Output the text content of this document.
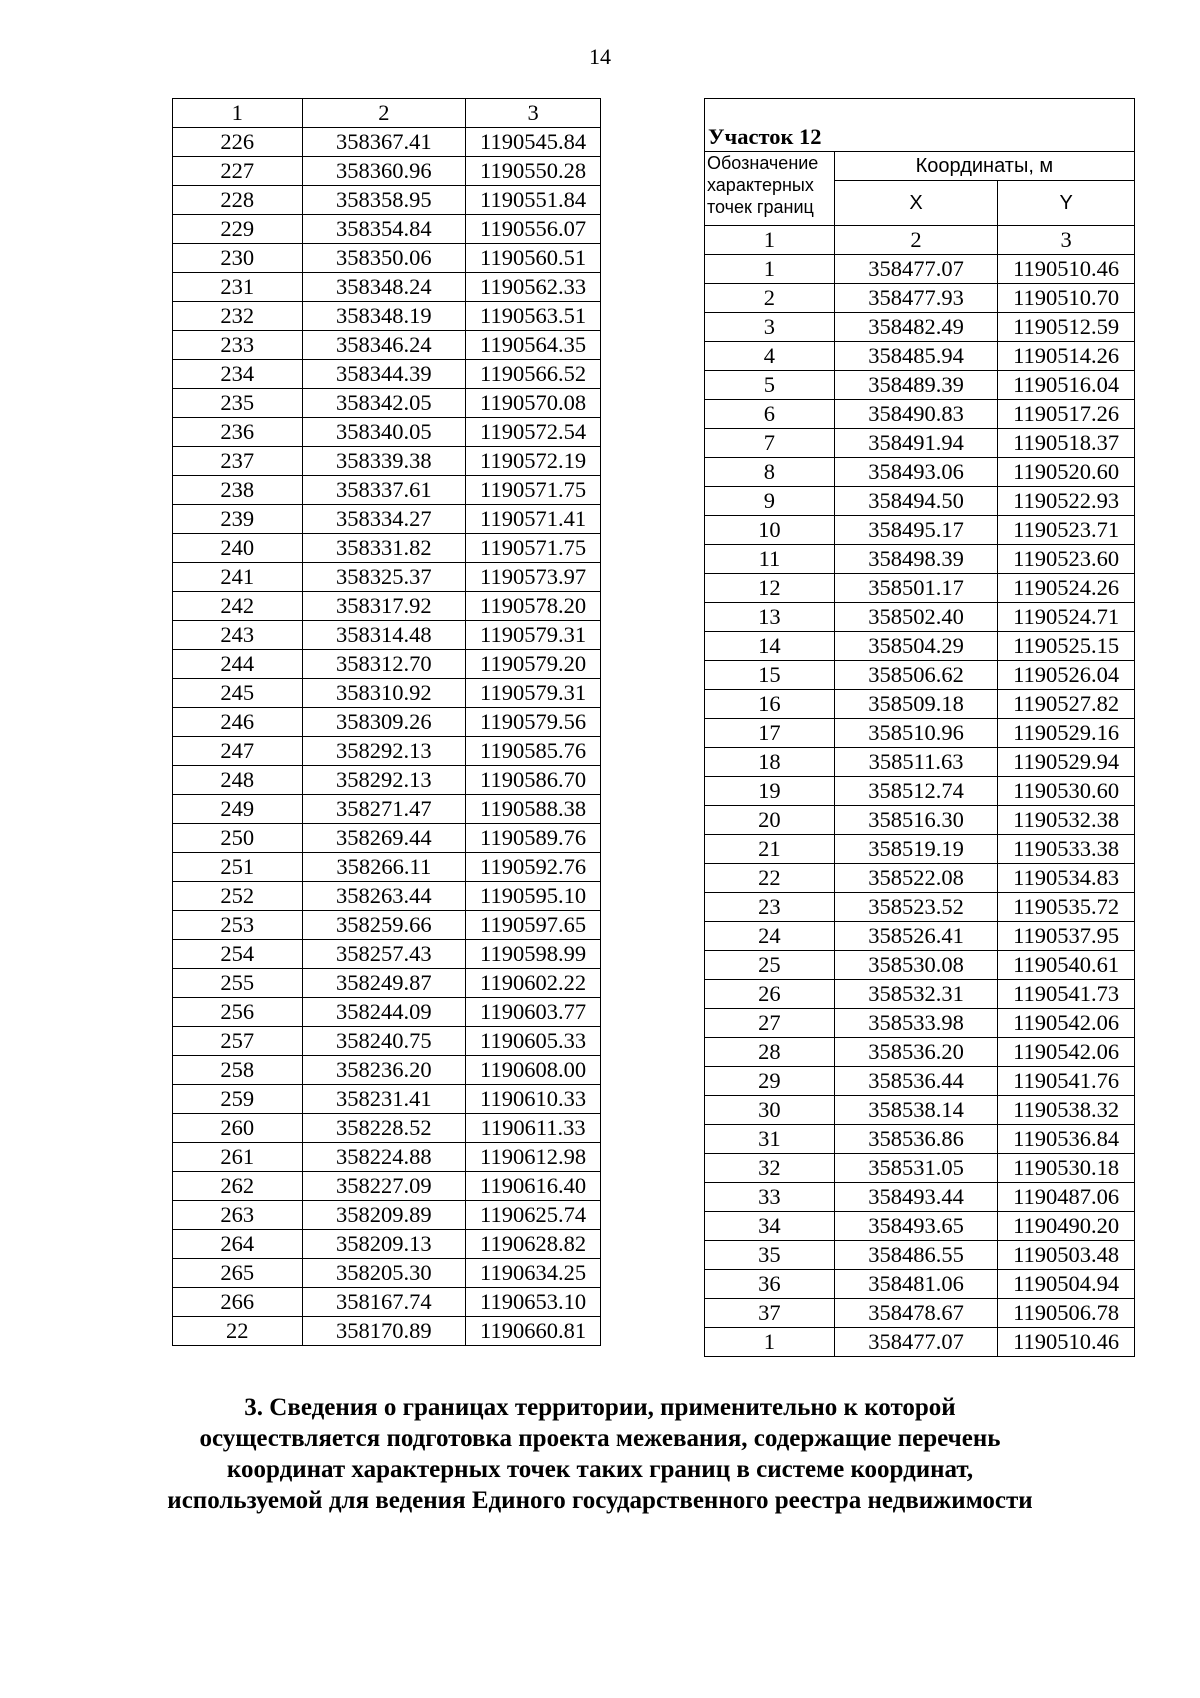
14
1	2	3
226	358367.41	1190545.84
227	358360.96	1190550.28
228	358358.95	1190551.84
229	358354.84	1190556.07
230	358350.06	1190560.51
231	358348.24	1190562.33
232	358348.19	1190563.51
233	358346.24	1190564.35
234	358344.39	1190566.52
235	358342.05	1190570.08
236	358340.05	1190572.54
237	358339.38	1190572.19
238	358337.61	1190571.75
239	358334.27	1190571.41
240	358331.82	1190571.75
241	358325.37	1190573.97
242	358317.92	1190578.20
243	358314.48	1190579.31
244	358312.70	1190579.20
245	358310.92	1190579.31
246	358309.26	1190579.56
247	358292.13	1190585.76
248	358292.13	1190586.70
249	358271.47	1190588.38
250	358269.44	1190589.76
251	358266.11	1190592.76
252	358263.44	1190595.10
253	358259.66	1190597.65
254	358257.43	1190598.99
255	358249.87	1190602.22
256	358244.09	1190603.77
257	358240.75	1190605.33
258	358236.20	1190608.00
259	358231.41	1190610.33
260	358228.52	1190611.33
261	358224.88	1190612.98
262	358227.09	1190616.40
263	358209.89	1190625.74
264	358209.13	1190628.82
265	358205.30	1190634.25
266	358167.74	1190653.10
22	358170.89	1190660.81
Участок 12		
Обозначение характерных точек границ	Координаты, м	
	X	Y
1	2	3
1	358477.07	1190510.46
2	358477.93	1190510.70
3	358482.49	1190512.59
4	358485.94	1190514.26
5	358489.39	1190516.04
6	358490.83	1190517.26
7	358491.94	1190518.37
8	358493.06	1190520.60
9	358494.50	1190522.93
10	358495.17	1190523.71
11	358498.39	1190523.60
12	358501.17	1190524.26
13	358502.40	1190524.71
14	358504.29	1190525.15
15	358506.62	1190526.04
16	358509.18	1190527.82
17	358510.96	1190529.16
18	358511.63	1190529.94
19	358512.74	1190530.60
20	358516.30	1190532.38
21	358519.19	1190533.38
22	358522.08	1190534.83
23	358523.52	1190535.72
24	358526.41	1190537.95
25	358530.08	1190540.61
26	358532.31	1190541.73
27	358533.98	1190542.06
28	358536.20	1190542.06
29	358536.44	1190541.76
30	358538.14	1190538.32
31	358536.86	1190536.84
32	358531.05	1190530.18
33	358493.44	1190487.06
34	358493.65	1190490.20
35	358486.55	1190503.48
36	358481.06	1190504.94
37	358478.67	1190506.78
1	358477.07	1190510.46
3. Сведения о границах территории, применительно к которой осуществляется подготовка проекта межевания, содержащие перечень координат характерных точек таких границ в системе координат, используемой для ведения Единого государственного реестра недвижимости
